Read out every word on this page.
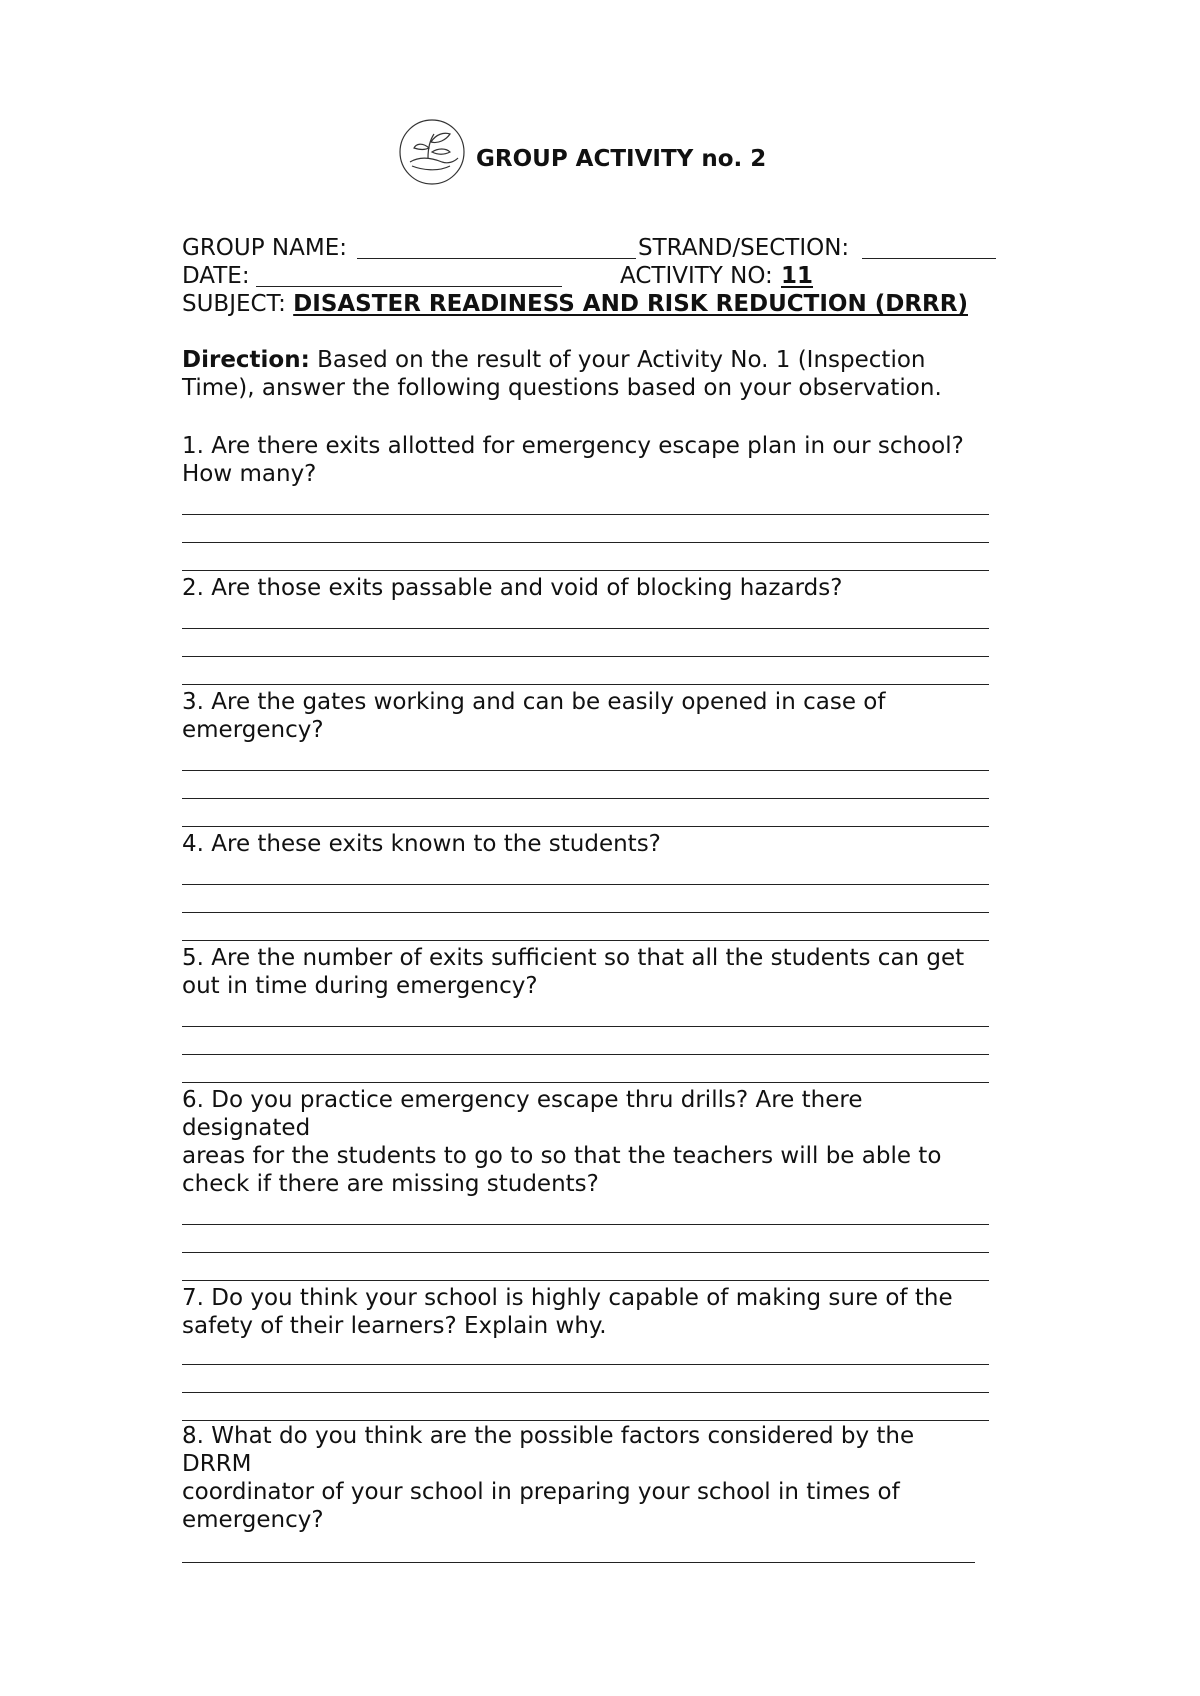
GROUP ACTIVITY no. 2
GROUP NAME:	STRAND/SECTION:
DATE:	ACTIVITY NO: 11
SUBJECT: DISASTER READINESS AND RISK REDUCTION (DRRR)
Direction: Based on the result of your Activity No. 1 (Inspection
Time), answer the following questions based on your observation.
1. Are there exits allotted for emergency escape plan in our school?
How many?
2. Are those exits passable and void of blocking hazards?
3. Are the gates working and can be easily opened in case of
emergency?
4. Are these exits known to the students?
5. Are the number of exits sufficient so that all the students can get
out in time during emergency?
6. Do you practice emergency escape thru drills? Are there
designated
areas for the students to go to so that the teachers will be able to
check if there are missing students?
7. Do you think your school is highly capable of making sure of the
safety of their learners? Explain why.
8. What do you think are the possible factors considered by the
DRRM
coordinator of your school in preparing your school in times of
emergency?
